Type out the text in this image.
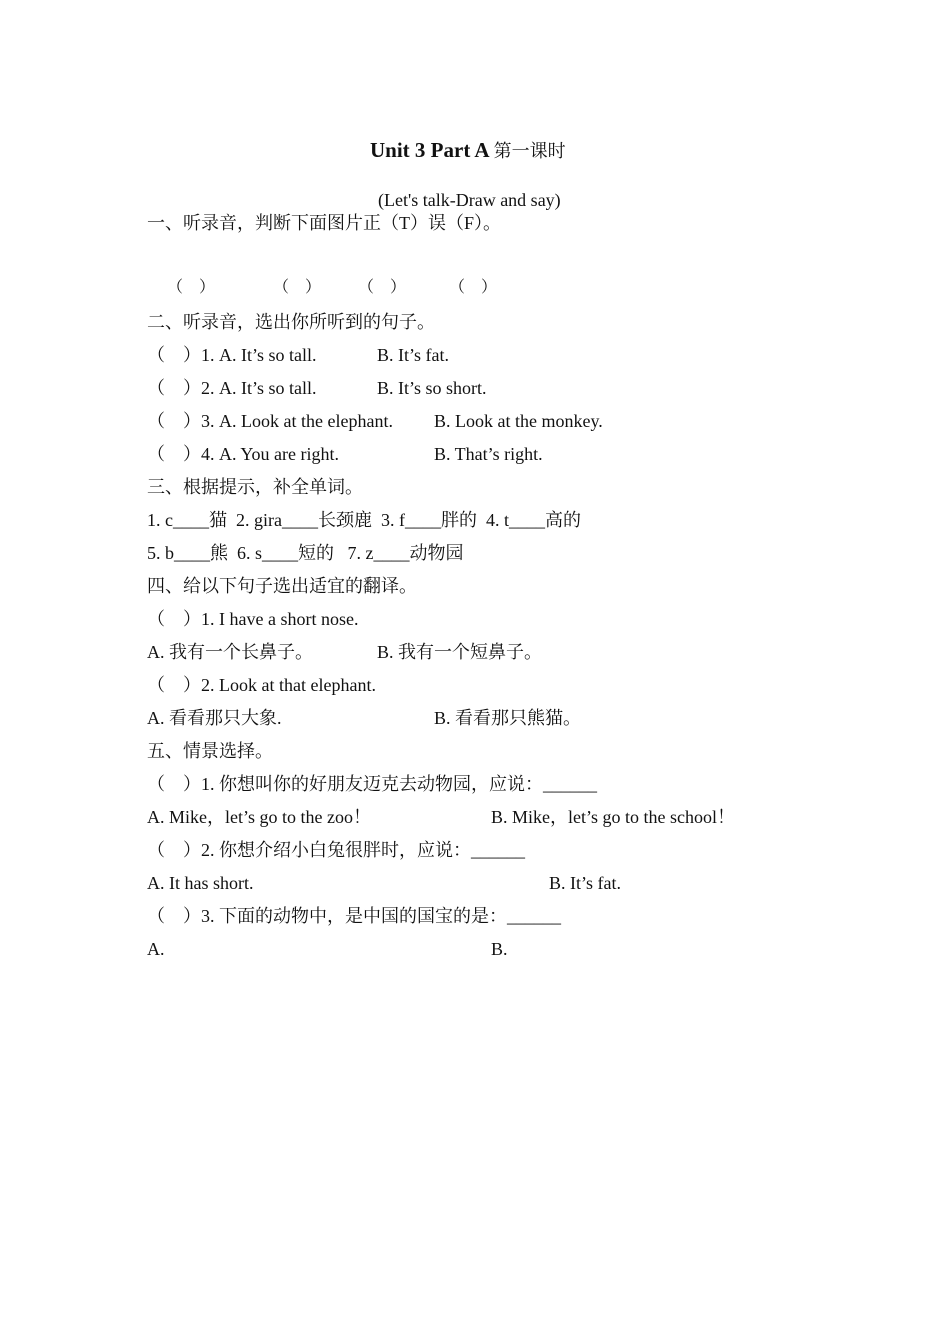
Unit 3 Part A 第一课时
(Let's talk-Draw and say)
一、听录音，判断下面图片正（T）误（F）。
（　）	（　） （　）	（　）
二、听录音，选出你所听到的句子。
（　）1. A. It’s so tall.	B. It’s fat.
（　）2. A. It’s so tall.	B. It’s so short.
（　）3. A. Look at the elephant. B. Look at the monkey.
（　）4. A. You are right.	B. That’s right.
三、根据提示，补全单词。
1. c____猫  2. gira____长颈鹿  3. f____胖的  4. t____高的
5. b____熊  6. s____短的   7. z____动物园
四、给以下句子选出适宜的翻译。
（　）1. I have a short nose.
A. 我有一个长鼻子。	B. 我有一个短鼻子。
（　）2. Look at that elephant.
A. 看看那只大象.	B. 看看那只熊猫。
五、情景选择。
（　）1. 你想叫你的好朋友迈克去动物园，应说：______
A. Mike，let’s go to the zoo！	B. Mike，let’s go to the school！
（　）2. 你想介绍小白兔很胖时，应说：______
A. It has short.	B. It’s fat.
（　）3. 下面的动物中，是中国的国宝的是：______
A.	B.
